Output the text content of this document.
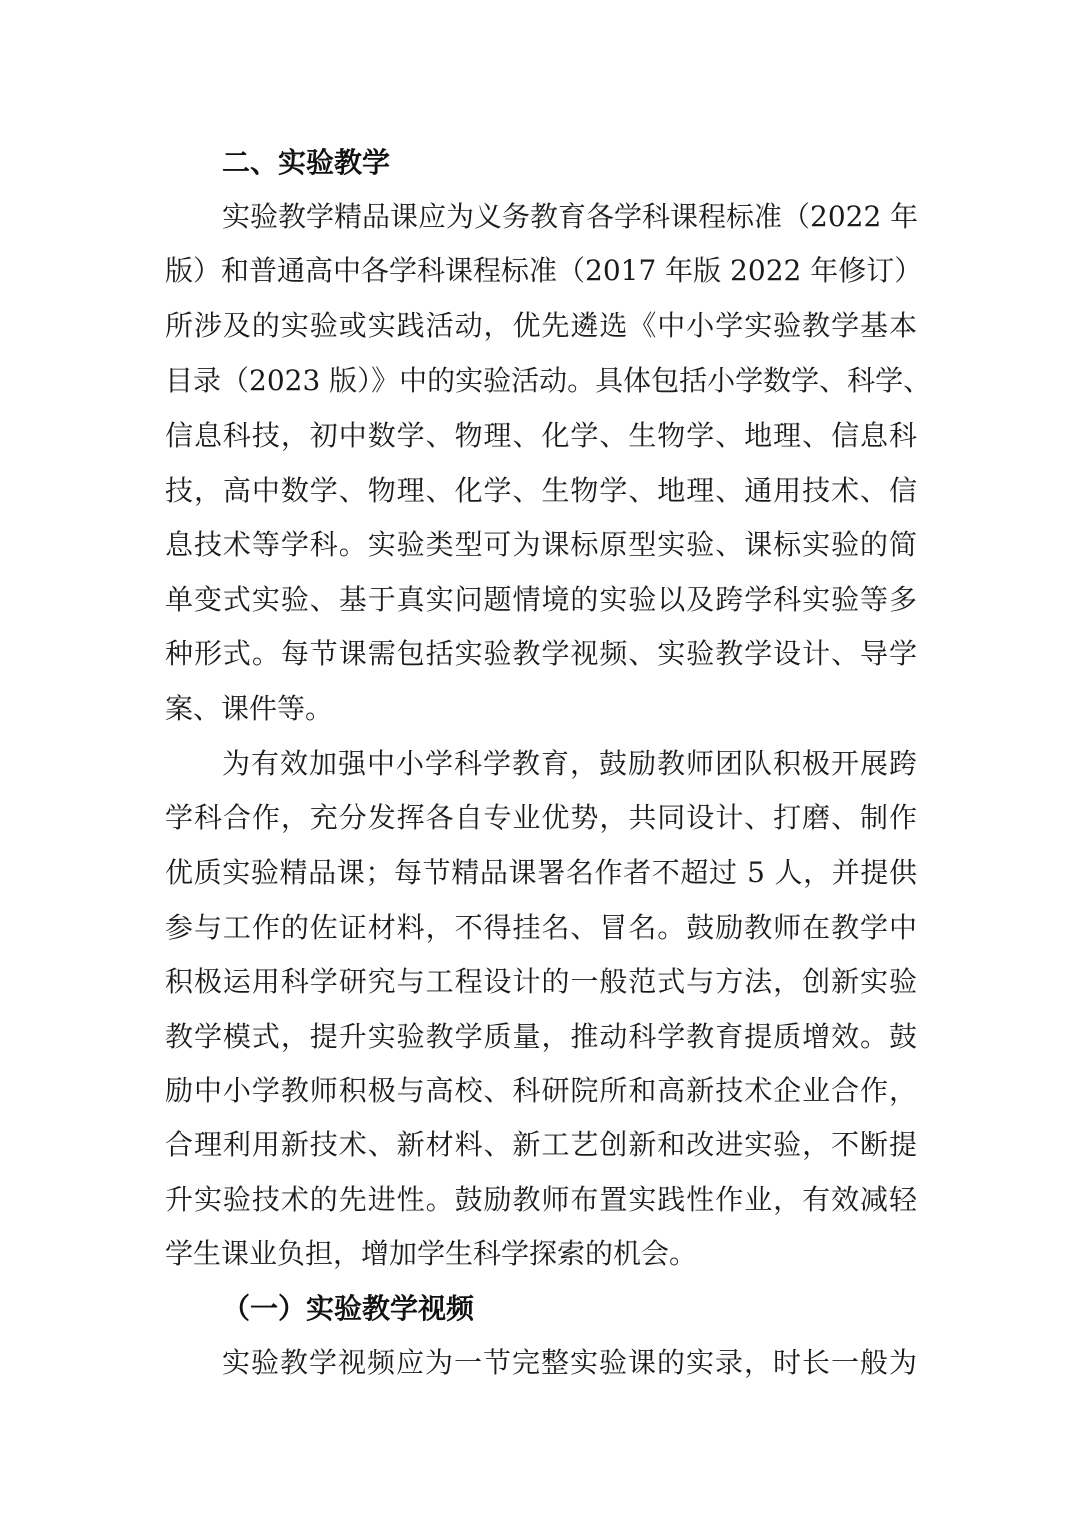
二、实验教学
实验教学精品课应为义务教育各学科课程标准（2022 年
版）和普通高中各学科课程标准（2017 年版 2022 年修订）
所涉及的实验或实践活动，优先遴选《中小学实验教学基本
目录（2023 版）》中的实验活动。具体包括小学数学、科学、
信息科技，初中数学、物理、化学、生物学、地理、信息科
技，高中数学、物理、化学、生物学、地理、通用技术、信
息技术等学科。实验类型可为课标原型实验、课标实验的简
单变式实验、基于真实问题情境的实验以及跨学科实验等多
种形式。每节课需包括实验教学视频、实验教学设计、导学
案、课件等。
为有效加强中小学科学教育，鼓励教师团队积极开展跨
学科合作，充分发挥各自专业优势，共同设计、打磨、制作
优质实验精品课；每节精品课署名作者不超过 5 人，并提供
参与工作的佐证材料，不得挂名、冒名。鼓励教师在教学中
积极运用科学研究与工程设计的一般范式与方法，创新实验
教学模式，提升实验教学质量，推动科学教育提质增效。鼓
励中小学教师积极与高校、科研院所和高新技术企业合作，
合理利用新技术、新材料、新工艺创新和改进实验，不断提
升实验技术的先进性。鼓励教师布置实践性作业，有效减轻
学生课业负担，增加学生科学探索的机会。
（一）实验教学视频
实验教学视频应为一节完整实验课的实录，时长一般为
